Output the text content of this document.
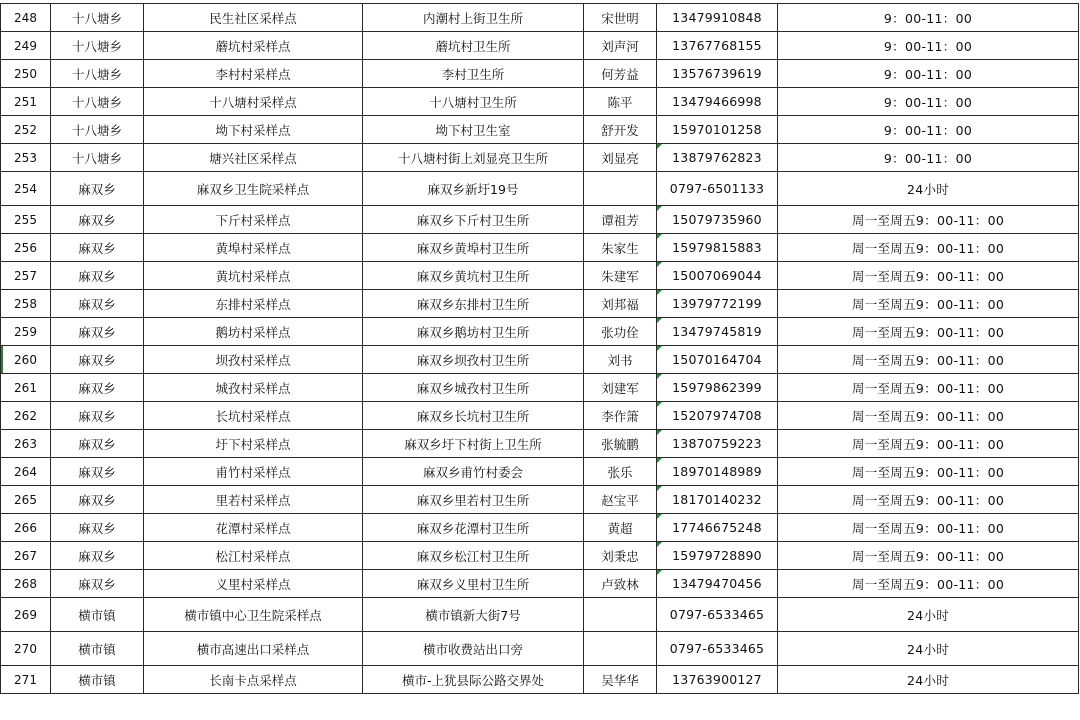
248	十八塘乡	民生社区采样点	内潮村上街卫生所	宋世明	13479910848	9：00-11：00
249	十八塘乡	蘑坑村采样点	蘑坑村卫生所	刘声河	13767768155	9：00-11：00
250	十八塘乡	李村村采样点	李村卫生所	何芳益	13576739619	9：00-11：00
251	十八塘乡	十八塘村采样点	十八塘村卫生所	陈平	13479466998	9：00-11：00
252	十八塘乡	坳下村采样点	坳下村卫生室	舒开发	15970101258	9：00-11：00
253	十八塘乡	塘兴社区采样点	十八塘村街上刘显亮卫生所	刘显亮	13879762823	9：00-11：00
254	麻双乡	麻双乡卫生院采样点	麻双乡新圩19号		0797-6501133	24小时
255	麻双乡	下斤村采样点	麻双乡下斤村卫生所	谭祖芳	15079735960	周一至周五9：00-11：00
256	麻双乡	黄埠村采样点	麻双乡黄埠村卫生所	朱家生	15979815883	周一至周五9：00-11：00
257	麻双乡	黄坑村采样点	麻双乡黄坑村卫生所	朱建军	15007069044	周一至周五9：00-11：00
258	麻双乡	东排村采样点	麻双乡东排村卫生所	刘邦福	13979772199	周一至周五9：00-11：00
259	麻双乡	鹅坊村采样点	麻双乡鹅坊村卫生所	张功佺	13479745819	周一至周五9：00-11：00
260	麻双乡	坝孜村采样点	麻双乡坝孜村卫生所	刘书	15070164704	周一至周五9：00-11：00
261	麻双乡	城孜村采样点	麻双乡城孜村卫生所	刘建军	15979862399	周一至周五9：00-11：00
262	麻双乡	长坑村采样点	麻双乡长坑村卫生所	李作箫	15207974708	周一至周五9：00-11：00
263	麻双乡	圩下村采样点	麻双乡圩下村街上卫生所	张毓鹏	13870759223	周一至周五9：00-11：00
264	麻双乡	甫竹村采样点	麻双乡甫竹村委会	张乐	18970148989	周一至周五9：00-11：00
265	麻双乡	里若村采样点	麻双乡里若村卫生所	赵宝平	18170140232	周一至周五9：00-11：00
266	麻双乡	花潭村采样点	麻双乡花潭村卫生所	黄超	17746675248	周一至周五9：00-11：00
267	麻双乡	松江村采样点	麻双乡松江村卫生所	刘秉忠	15979728890	周一至周五9：00-11：00
268	麻双乡	义里村采样点	麻双乡义里村卫生所	卢致林	13479470456	周一至周五9：00-11：00
269	横市镇	横市镇中心卫生院采样点	横市镇新大街7号		0797-6533465	24小时
270	横市镇	横市高速出口采样点	横市收费站出口旁		0797-6533465	24小时
271	横市镇	长南卡点采样点	横市-上犹县际公路交界处	吴华华	13763900127	24小时
